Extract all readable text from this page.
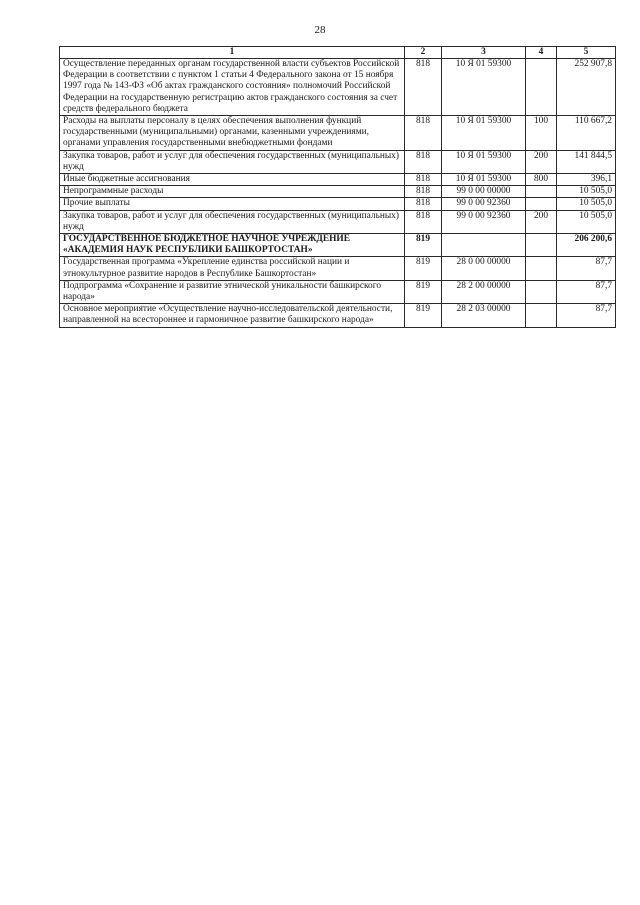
28
1	2	3	4	5
Осуществление переданных органам государственной власти субъектов Российской Федерации в соответствии с пунктом 1 статьи 4 Федерального закона от 15 ноября 1997 года № 143-ФЗ «Об актах гражданского состояния» полномочий Российской Федерации на государственную регистрацию актов гражданского состояния за счет средств федерального бюджета	818	10 Я 01 59300		252 907,8
Расходы на выплаты персоналу в целях обеспечения выполнения функций государственными (муниципальными) органами, казенными учреждениями, органами управления государственными внебюджетными фондами	818	10 Я 01 59300	100	110 667,2
Закупка товаров, работ и услуг для обеспечения государственных (муниципальных) нужд	818	10 Я 01 59300	200	141 844,5
Иные бюджетные ассигнования	818	10 Я 01 59300	800	396,1
Непрограммные расходы	818	99 0 00 00000		10 505,0
Прочие выплаты	818	99 0 00 92360		10 505,0
Закупка товаров, работ и услуг для обеспечения государственных (муниципальных) нужд	818	99 0 00 92360	200	10 505,0
ГОСУДАРСТВЕННОЕ БЮДЖЕТНОЕ НАУЧНОЕ УЧРЕЖДЕНИЕ «АКАДЕМИЯ НАУК РЕСПУБЛИКИ БАШКОРТОСТАН»	819			206 200,6
Государственная программа «Укрепление единства российской нации и этнокультурное развитие народов в Республике Башкортостан»	819	28 0 00 00000		87,7
Подпрограмма «Сохранение и развитие этнической уникальности башкирского народа»	819	28 2 00 00000		87,7
Основное мероприятие «Осуществление научно-исследовательской деятельности, направленной на всестороннее и гармоничное развитие башкирского народа»	819	28 2 03 00000		87,7
